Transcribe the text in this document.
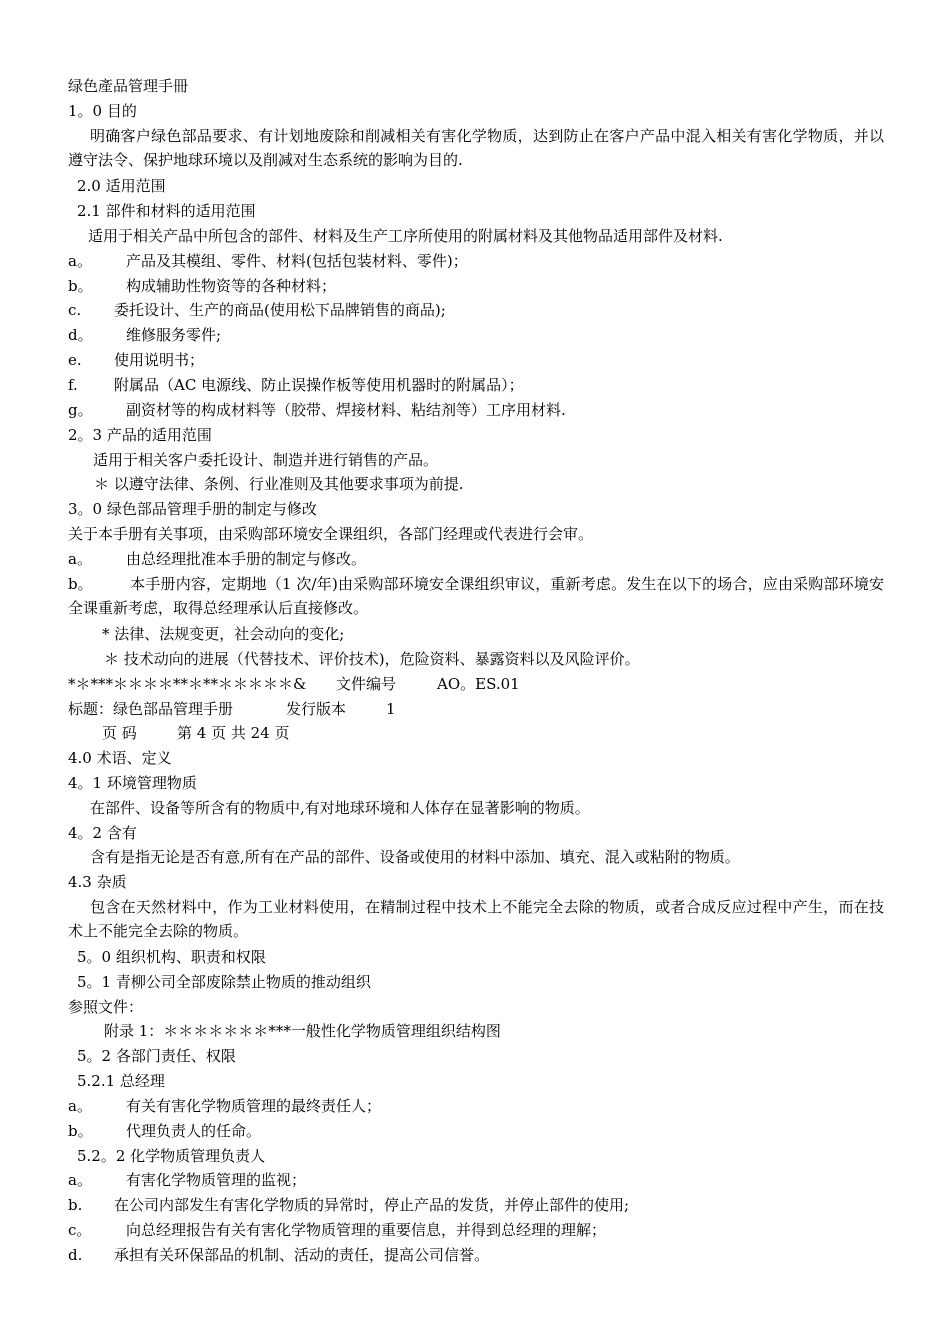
绿色產品管理手冊
1。0 目的
明确客户绿色部品要求、有计划地废除和削减相关有害化学物质，达到防止在客户产品中混入相关有害化学物质，并以遵守法令、保护地球环境以及削减对生态系统的影响为目的.
2.0 适用范围
2.1 部件和材料的适用范围
适用于相关产品中所包含的部件、材料及生产工序所使用的附属材料及其他物品适用部件及材料.
a。 产品及其模组、零件、材料(包括包装材料、零件)；
b。 构成辅助性物资等的各种材料；
c. 委托设计、生产的商品(使用松下品牌销售的商品);
d。 维修服务零件;
e. 使用说明书；
f. 附属品（AC 电源线、防止误操作板等使用机器时的附属品）；
g。 副资材等的构成材料等（胶带、焊接材料、粘结剂等）工序用材料.
2。3 产品的适用范围
适用于相关客户委托设计、制造并进行销售的产品。
＊ 以遵守法律、条例、行业准则及其他要求事项为前提.
3。0 绿色部品管理手册的制定与修改
关于本手册有关事项，由采购部环境安全课组织，各部门经理或代表进行会审。
a。 由总经理批准本手册的制定与修改。
b。 本手册内容，定期地（1 次/年)由采购部环境安全课组织审议，重新考虑。发生在以下的场合，应由采购部环境安全课重新考虑，取得总经理承认后直接修改。
* 法律、法规变更，社会动向的变化;
＊ 技术动向的进展（代替技术、评价技术)，危险资料、暴露资料以及风险评价。
*＊***＊＊＊＊**＊**＊＊＊＊＊& 文件编号	AO。ES.01
标题：绿色部品管理手册	发行版本	1
页 码	第 4 页 共 24 页
4.0 术语、定义
4。1 环境管理物质
在部件、设备等所含有的物质中,有对地球环境和人体存在显著影响的物质。
4。2 含有
含有是指无论是否有意,所有在产品的部件、设备或使用的材料中添加、填充、混入或粘附的物质。
4.3 杂质
包含在天然材料中，作为工业材料使用，在精制过程中技术上不能完全去除的物质，或者合成反应过程中产生，而在技术上不能完全去除的物质。
5。0 组织机构、职责和权限
5。1 青柳公司全部废除禁止物质的推动组织
参照文件：
附录 1：＊＊＊＊＊＊＊***一般性化学物质管理组织结构图
5。2 各部门责任、权限
5.2.1 总经理
a。 有关有害化学物质管理的最终责任人；
b。 代理负责人的任命。
5.2。2 化学物质管理负责人
a。 有害化学物质管理的监视；
b. 在公司内部发生有害化学物质的异常时，停止产品的发货，并停止部件的使用;
c。 向总经理报告有关有害化学物质管理的重要信息，并得到总经理的理解；
d. 承担有关环保部品的机制、活动的责任，提高公司信誉。
